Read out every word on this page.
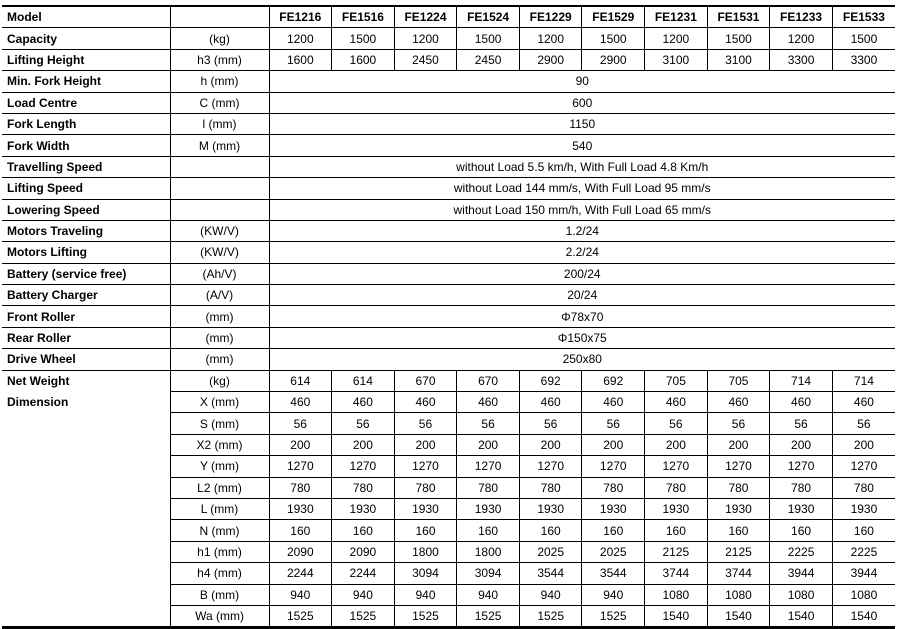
Model		FE1216	FE1516	FE1224	FE1524	FE1229	FE1529	FE1231	FE1531	FE1233	FE1533
Capacity	(kg)	1200	1500	1200	1500	1200	1500	1200	1500	1200	1500
Lifting Height	h3 (mm)	1600	1600	2450	2450	2900	2900	3100	3100	3300	3300
Min. Fork Height	h (mm)	90									
Load Centre	C (mm)	600									
Fork Length	l (mm)	1150									
Fork Width	M (mm)	540									
Travelling Speed		without Load 5.5 km/h, With Full Load 4.8 Km/h									
Lifting Speed		without Load 144 mm/s, With Full Load 95 mm/s									
Lowering Speed		without Load 150 mm/h, With Full Load 65 mm/s									
Motors Traveling	(KW/V)	1.2/24									
Motors Lifting	(KW/V)	2.2/24									
Battery (service free)	(Ah/V)	200/24									
Battery Charger	(A/V)	20/24									
Front Roller	(mm)	Φ78x70									
Rear Roller	(mm)	Φ150x75									
Drive Wheel	(mm)	250x80									
Net Weight	(kg)	614	614	670	670	692	692	705	705	714	714
Dimension	X (mm)	460	460	460	460	460	460	460	460	460	460
	S (mm)	56	56	56	56	56	56	56	56	56	56
	X2 (mm)	200	200	200	200	200	200	200	200	200	200
	Y (mm)	1270	1270	1270	1270	1270	1270	1270	1270	1270	1270
	L2 (mm)	780	780	780	780	780	780	780	780	780	780
	L (mm)	1930	1930	1930	1930	1930	1930	1930	1930	1930	1930
	N (mm)	160	160	160	160	160	160	160	160	160	160
	h1 (mm)	2090	2090	1800	1800	2025	2025	2125	2125	2225	2225
	h4 (mm)	2244	2244	3094	3094	3544	3544	3744	3744	3944	3944
	B (mm)	940	940	940	940	940	940	1080	1080	1080	1080
	Wa (mm)	1525	1525	1525	1525	1525	1525	1540	1540	1540	1540
